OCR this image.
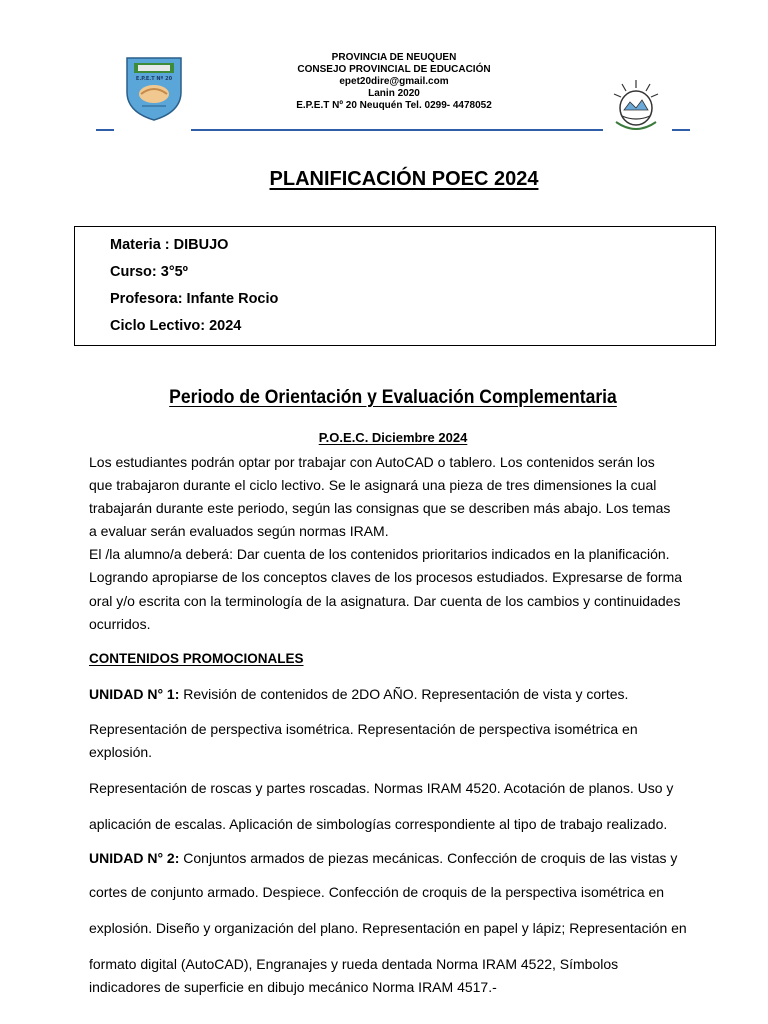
E.P.E.T Nº 20
PROVINCIA DE NEUQUEN
CONSEJO PROVINCIAL DE EDUCACIÓN
epet20dire@gmail.com
Lanin 2020
E.P.E.T Nº 20 Neuquén Tel. 0299- 4478052
PLANIFICACIÓN POEC 2024
Materia : DIBUJO
Curso: 3°5º
Profesora: Infante Rocio
Ciclo Lectivo: 2024
Periodo de Orientación y Evaluación Complementaria
P.O.E.C. Diciembre 2024
Los estudiantes podrán optar por trabajar con AutoCAD o tablero. Los contenidos serán los
que trabajaron durante el ciclo lectivo. Se le asignará una pieza de tres dimensiones la cual
trabajarán durante este periodo, según las consignas que se describen más abajo. Los temas
a evaluar serán evaluados según normas IRAM.
El /la alumno/a deberá: Dar cuenta de los contenidos prioritarios indicados en la planificación.
Logrando apropiarse de los conceptos claves de los procesos estudiados. Expresarse de forma
oral y/o escrita con la terminología de la asignatura. Dar cuenta de los cambios y continuidades
ocurridos.
CONTENIDOS PROMOCIONALES
UNIDAD N° 1: Revisión de contenidos de 2DO AÑO. Representación de vista y cortes.
Representación de perspectiva isométrica. Representación de perspectiva isométrica en
explosión.
Representación de roscas y partes roscadas. Normas IRAM 4520. Acotación de planos. Uso y
aplicación de escalas. Aplicación de simbologías correspondiente al tipo de trabajo realizado.
UNIDAD N° 2: Conjuntos armados de piezas mecánicas. Confección de croquis de las vistas y
cortes de conjunto armado. Despiece. Confección de croquis de la perspectiva isométrica en
explosión. Diseño y organización del plano. Representación en papel y lápiz; Representación en
formato digital (AutoCAD), Engranajes y rueda dentada Norma IRAM 4522, Símbolos
indicadores de superficie en dibujo mecánico Norma IRAM 4517.-
